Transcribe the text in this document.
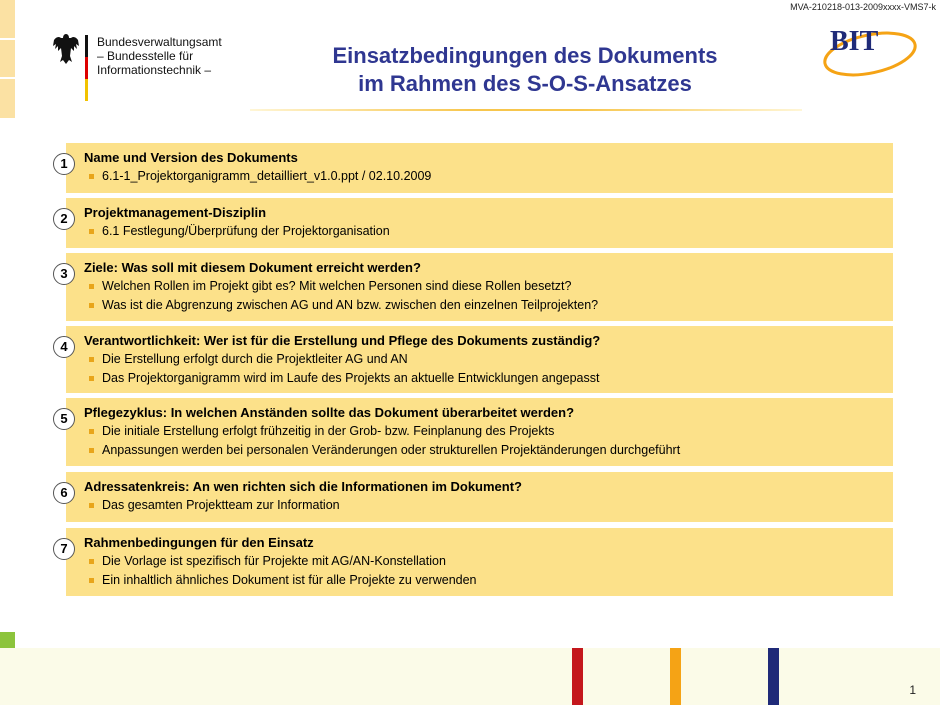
MVA-210218-013-2009xxxx-VMS7-k
Bundesverwaltungsamt
– Bundesstelle für
Informationstechnik –
Einsatzbedingungen des Dokuments
im Rahmen des S-O-S-Ansatzes
BIT
1	Name und Version des Dokuments
6.1-1_Projektorganigramm_detailliert_v1.0.ppt / 02.10.2009
2	Projektmanagement-Disziplin
6.1 Festlegung/Überprüfung der Projektorganisation
3	Ziele: Was soll mit diesem Dokument erreicht werden?
Welchen Rollen im Projekt gibt es? Mit welchen Personen sind diese Rollen besetzt?
Was ist die Abgrenzung zwischen AG und AN bzw. zwischen den einzelnen Teilprojekten?
4	Verantwortlichkeit: Wer ist für die Erstellung und Pflege des Dokuments zuständig?
Die Erstellung erfolgt durch die Projektleiter AG und AN
Das Projektorganigramm wird im Laufe des Projekts an aktuelle Entwicklungen angepasst
5	Pflegezyklus: In welchen Anständen sollte das Dokument überarbeitet werden?
Die initiale Erstellung erfolgt frühzeitig in der Grob- bzw. Feinplanung des Projekts
Anpassungen werden bei personalen Veränderungen oder strukturellen Projektänderungen durchgeführt
6	Adressatenkreis: An wen richten sich die Informationen im Dokument?
Das gesamten Projektteam zur Information
7	Rahmenbedingungen für den Einsatz
Die Vorlage ist spezifisch für Projekte mit AG/AN-Konstellation
Ein inhaltlich ähnliches Dokument ist für alle Projekte zu verwenden
1
